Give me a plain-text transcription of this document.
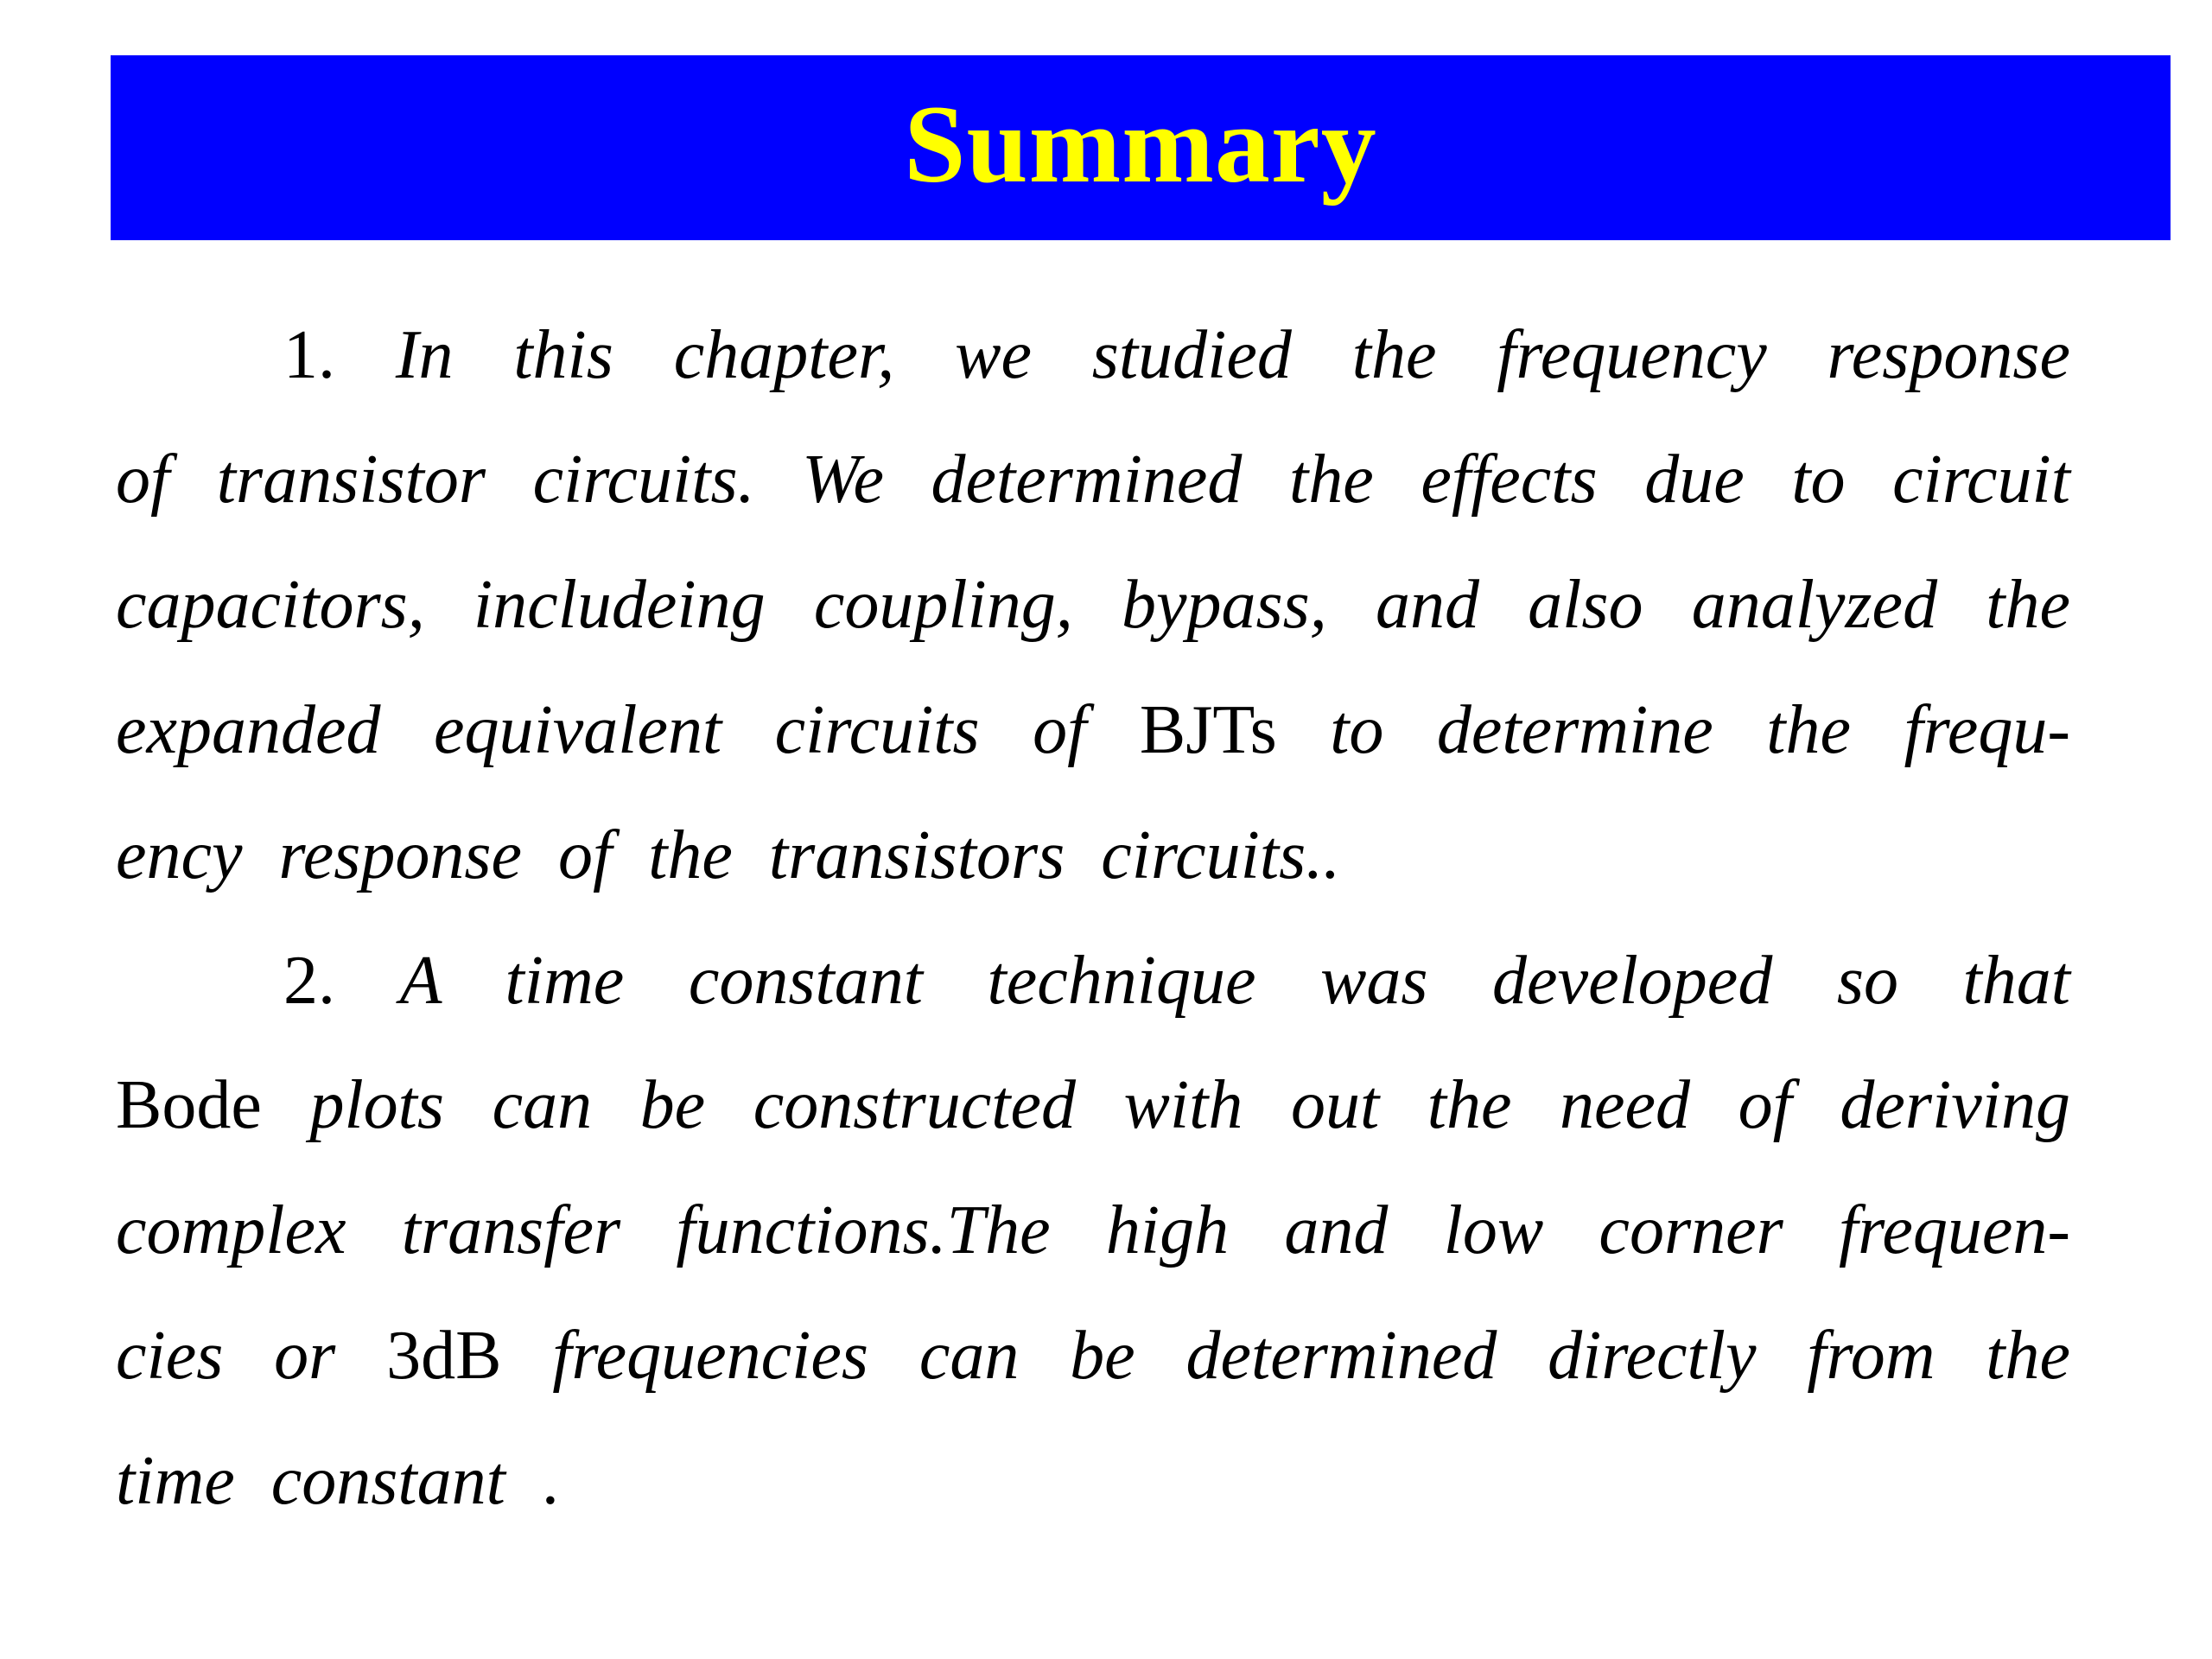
Summary
1. In this chapter, we studied the frequency response
of transistor circuits. We determined the effects due to circuit
capacitors, includeing coupling, bypass, and also analyzed the
expanded equivalent circuits of BJTs to determine the frequ-
ency response of the transistors circuits..
2. A time constant technique was developed so that
Bode plots can be constructed with out the need of deriving
complex transfer functions.The high and low corner frequen-
cies or 3dB frequencies can be determined directly from the
time constant .
